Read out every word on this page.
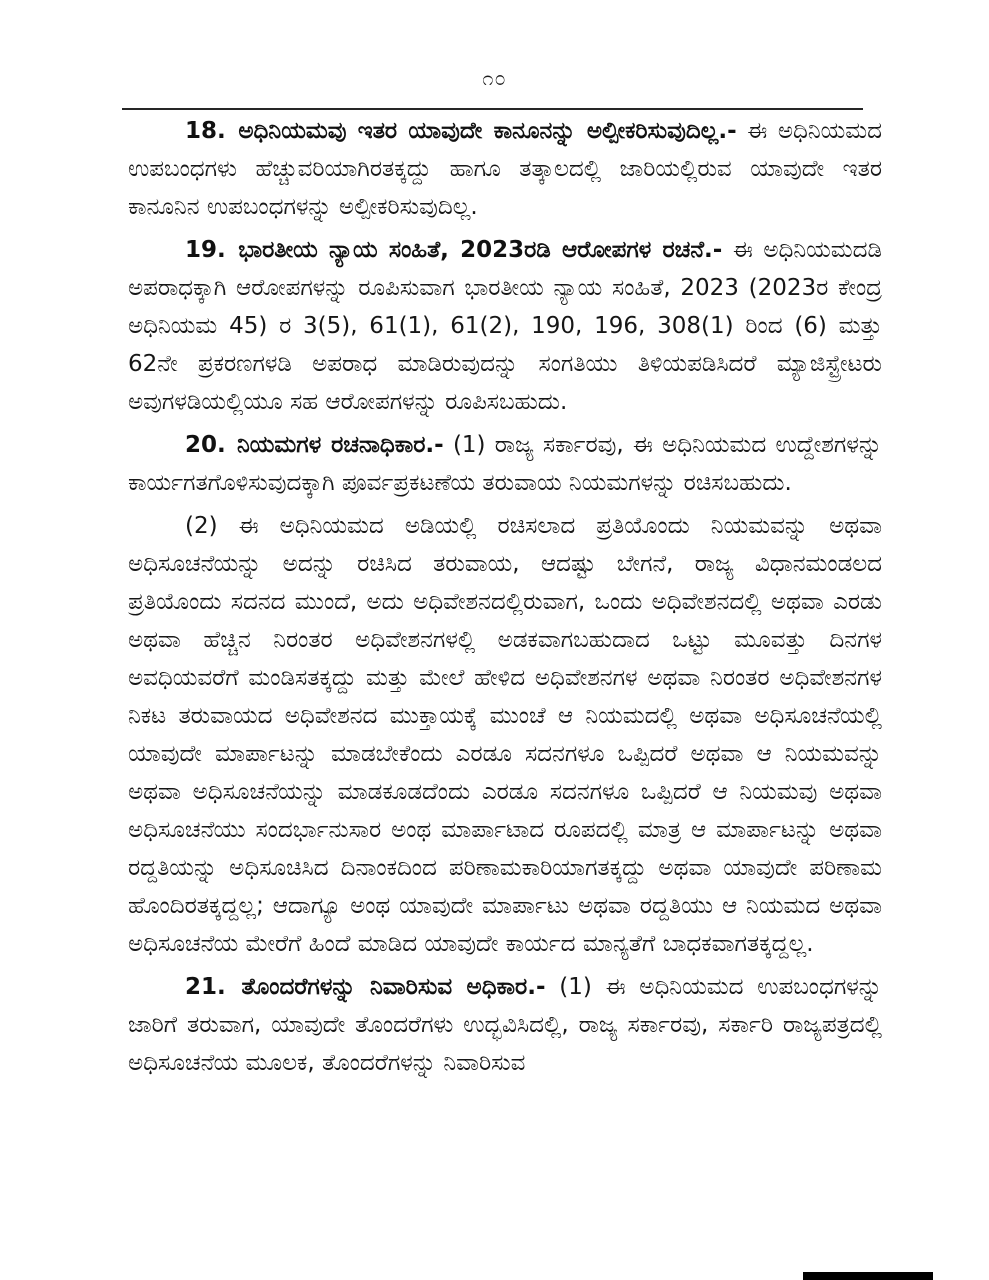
೧೦

18. ಅಧಿನಿಯಮವು ಇತರ ಯಾವುದೇ ಕಾನೂನನ್ನು ಅಲ್ಪೀಕರಿಸುವುದಿಲ್ಲ.- ಈ ಅಧಿನಿಯಮದ ಉಪಬಂಧಗಳು ಹೆಚ್ಚುವರಿಯಾಗಿರತಕ್ಕದ್ದು ಹಾಗೂ ತತ್ಕಾಲದಲ್ಲಿ ಜಾರಿಯಲ್ಲಿರುವ ಯಾವುದೇ ಇತರ ಕಾನೂನಿನ ಉಪಬಂಧಗಳನ್ನು ಅಲ್ಪೀಕರಿಸುವುದಿಲ್ಲ.

19. ಭಾರತೀಯ ನ್ಯಾಯ ಸಂಹಿತೆ, 2023ರಡಿ ಆರೋಪಗಳ ರಚನೆ.- ಈ ಅಧಿನಿಯಮದಡಿ ಅಪರಾಧಕ್ಕಾಗಿ ಆರೋಪಗಳನ್ನು ರೂಪಿಸುವಾಗ ಭಾರತೀಯ ನ್ಯಾಯ ಸಂಹಿತೆ, 2023 (2023ರ ಕೇಂದ್ರ ಅಧಿನಿಯಮ 45) ರ 3(5), 61(1), 61(2), 190, 196, 308(1) ರಿಂದ (6) ಮತ್ತು 62ನೇ ಪ್ರಕರಣಗಳಡಿ ಅಪರಾಧ ಮಾಡಿರುವುದನ್ನು ಸಂಗತಿಯು ತಿಳಿಯಪಡಿಸಿದರೆ ಮ್ಯಾಜಿಸ್ಟ್ರೇಟರು ಅವುಗಳಡಿಯಲ್ಲಿಯೂ ಸಹ ಆರೋಪಗಳನ್ನು ರೂಪಿಸಬಹುದು.

20. ನಿಯಮಗಳ ರಚನಾಧಿಕಾರ.- (1) ರಾಜ್ಯ ಸರ್ಕಾರವು, ಈ ಅಧಿನಿಯಮದ ಉದ್ದೇಶಗಳನ್ನು ಕಾರ್ಯಗತಗೊಳಿಸುವುದಕ್ಕಾಗಿ ಪೂರ್ವಪ್ರಕಟಣೆಯ ತರುವಾಯ ನಿಯಮಗಳನ್ನು ರಚಿಸಬಹುದು.

(2) ಈ ಅಧಿನಿಯಮದ ಅಡಿಯಲ್ಲಿ ರಚಿಸಲಾದ ಪ್ರತಿಯೊಂದು ನಿಯಮವನ್ನು ಅಥವಾ ಅಧಿಸೂಚನೆಯನ್ನು ಅದನ್ನು ರಚಿಸಿದ ತರುವಾಯ, ಆದಷ್ಟು ಬೇಗನೆ, ರಾಜ್ಯ ವಿಧಾನಮಂಡಲದ ಪ್ರತಿಯೊಂದು ಸದನದ ಮುಂದೆ, ಅದು ಅಧಿವೇಶನದಲ್ಲಿರುವಾಗ, ಒಂದು ಅಧಿವೇಶನದಲ್ಲಿ ಅಥವಾ ಎರಡು ಅಥವಾ ಹೆಚ್ಚಿನ ನಿರಂತರ ಅಧಿವೇಶನಗಳಲ್ಲಿ ಅಡಕವಾಗಬಹುದಾದ ಒಟ್ಟು ಮೂವತ್ತು ದಿನಗಳ ಅವಧಿಯವರೆಗೆ ಮಂಡಿಸತಕ್ಕದ್ದು ಮತ್ತು ಮೇಲೆ ಹೇಳಿದ ಅಧಿವೇಶನಗಳ ಅಥವಾ ನಿರಂತರ ಅಧಿವೇಶನಗಳ ನಿಕಟ ತರುವಾಯದ ಅಧಿವೇಶನದ ಮುಕ್ತಾಯಕ್ಕೆ ಮುಂಚೆ ಆ ನಿಯಮದಲ್ಲಿ ಅಥವಾ ಅಧಿಸೂಚನೆಯಲ್ಲಿ ಯಾವುದೇ ಮಾರ್ಪಾಟನ್ನು ಮಾಡಬೇಕೆಂದು ಎರಡೂ ಸದನಗಳೂ ಒಪ್ಪಿದರೆ ಅಥವಾ ಆ ನಿಯಮವನ್ನು ಅಥವಾ ಅಧಿಸೂಚನೆಯನ್ನು ಮಾಡಕೂಡದೆಂದು ಎರಡೂ ಸದನಗಳೂ ಒಪ್ಪಿದರೆ ಆ ನಿಯಮವು ಅಥವಾ ಅಧಿಸೂಚನೆಯು ಸಂದರ್ಭಾನುಸಾರ ಅಂಥ ಮಾರ್ಪಾಟಾದ ರೂಪದಲ್ಲಿ ಮಾತ್ರ ಆ ಮಾರ್ಪಾಟನ್ನು ಅಥವಾ ರದ್ದತಿಯನ್ನು ಅಧಿಸೂಚಿಸಿದ ದಿನಾಂಕದಿಂದ ಪರಿಣಾಮಕಾರಿಯಾಗತಕ್ಕದ್ದು ಅಥವಾ ಯಾವುದೇ ಪರಿಣಾಮ ಹೊಂದಿರತಕ್ಕದ್ದಲ್ಲ; ಆದಾಗ್ಯೂ ಅಂಥ ಯಾವುದೇ ಮಾರ್ಪಾಟು ಅಥವಾ ರದ್ದತಿಯು ಆ ನಿಯಮದ ಅಥವಾ ಅಧಿಸೂಚನೆಯ ಮೇರೆಗೆ ಹಿಂದೆ ಮಾಡಿದ ಯಾವುದೇ ಕಾರ್ಯದ ಮಾನ್ಯತೆಗೆ ಬಾಧಕವಾಗತಕ್ಕದ್ದಲ್ಲ.

21. ತೊಂದರೆಗಳನ್ನು ನಿವಾರಿಸುವ ಅಧಿಕಾರ.- (1) ಈ ಅಧಿನಿಯಮದ ಉಪಬಂಧಗಳನ್ನು ಜಾರಿಗೆ ತರುವಾಗ, ಯಾವುದೇ ತೊಂದರೆಗಳು ಉದ್ಭವಿಸಿದಲ್ಲಿ, ರಾಜ್ಯ ಸರ್ಕಾರವು, ಸರ್ಕಾರಿ ರಾಜ್ಯಪತ್ರದಲ್ಲಿ ಅಧಿಸೂಚನೆಯ ಮೂಲಕ, ತೊಂದರೆಗಳನ್ನು ನಿವಾರಿಸುವ
